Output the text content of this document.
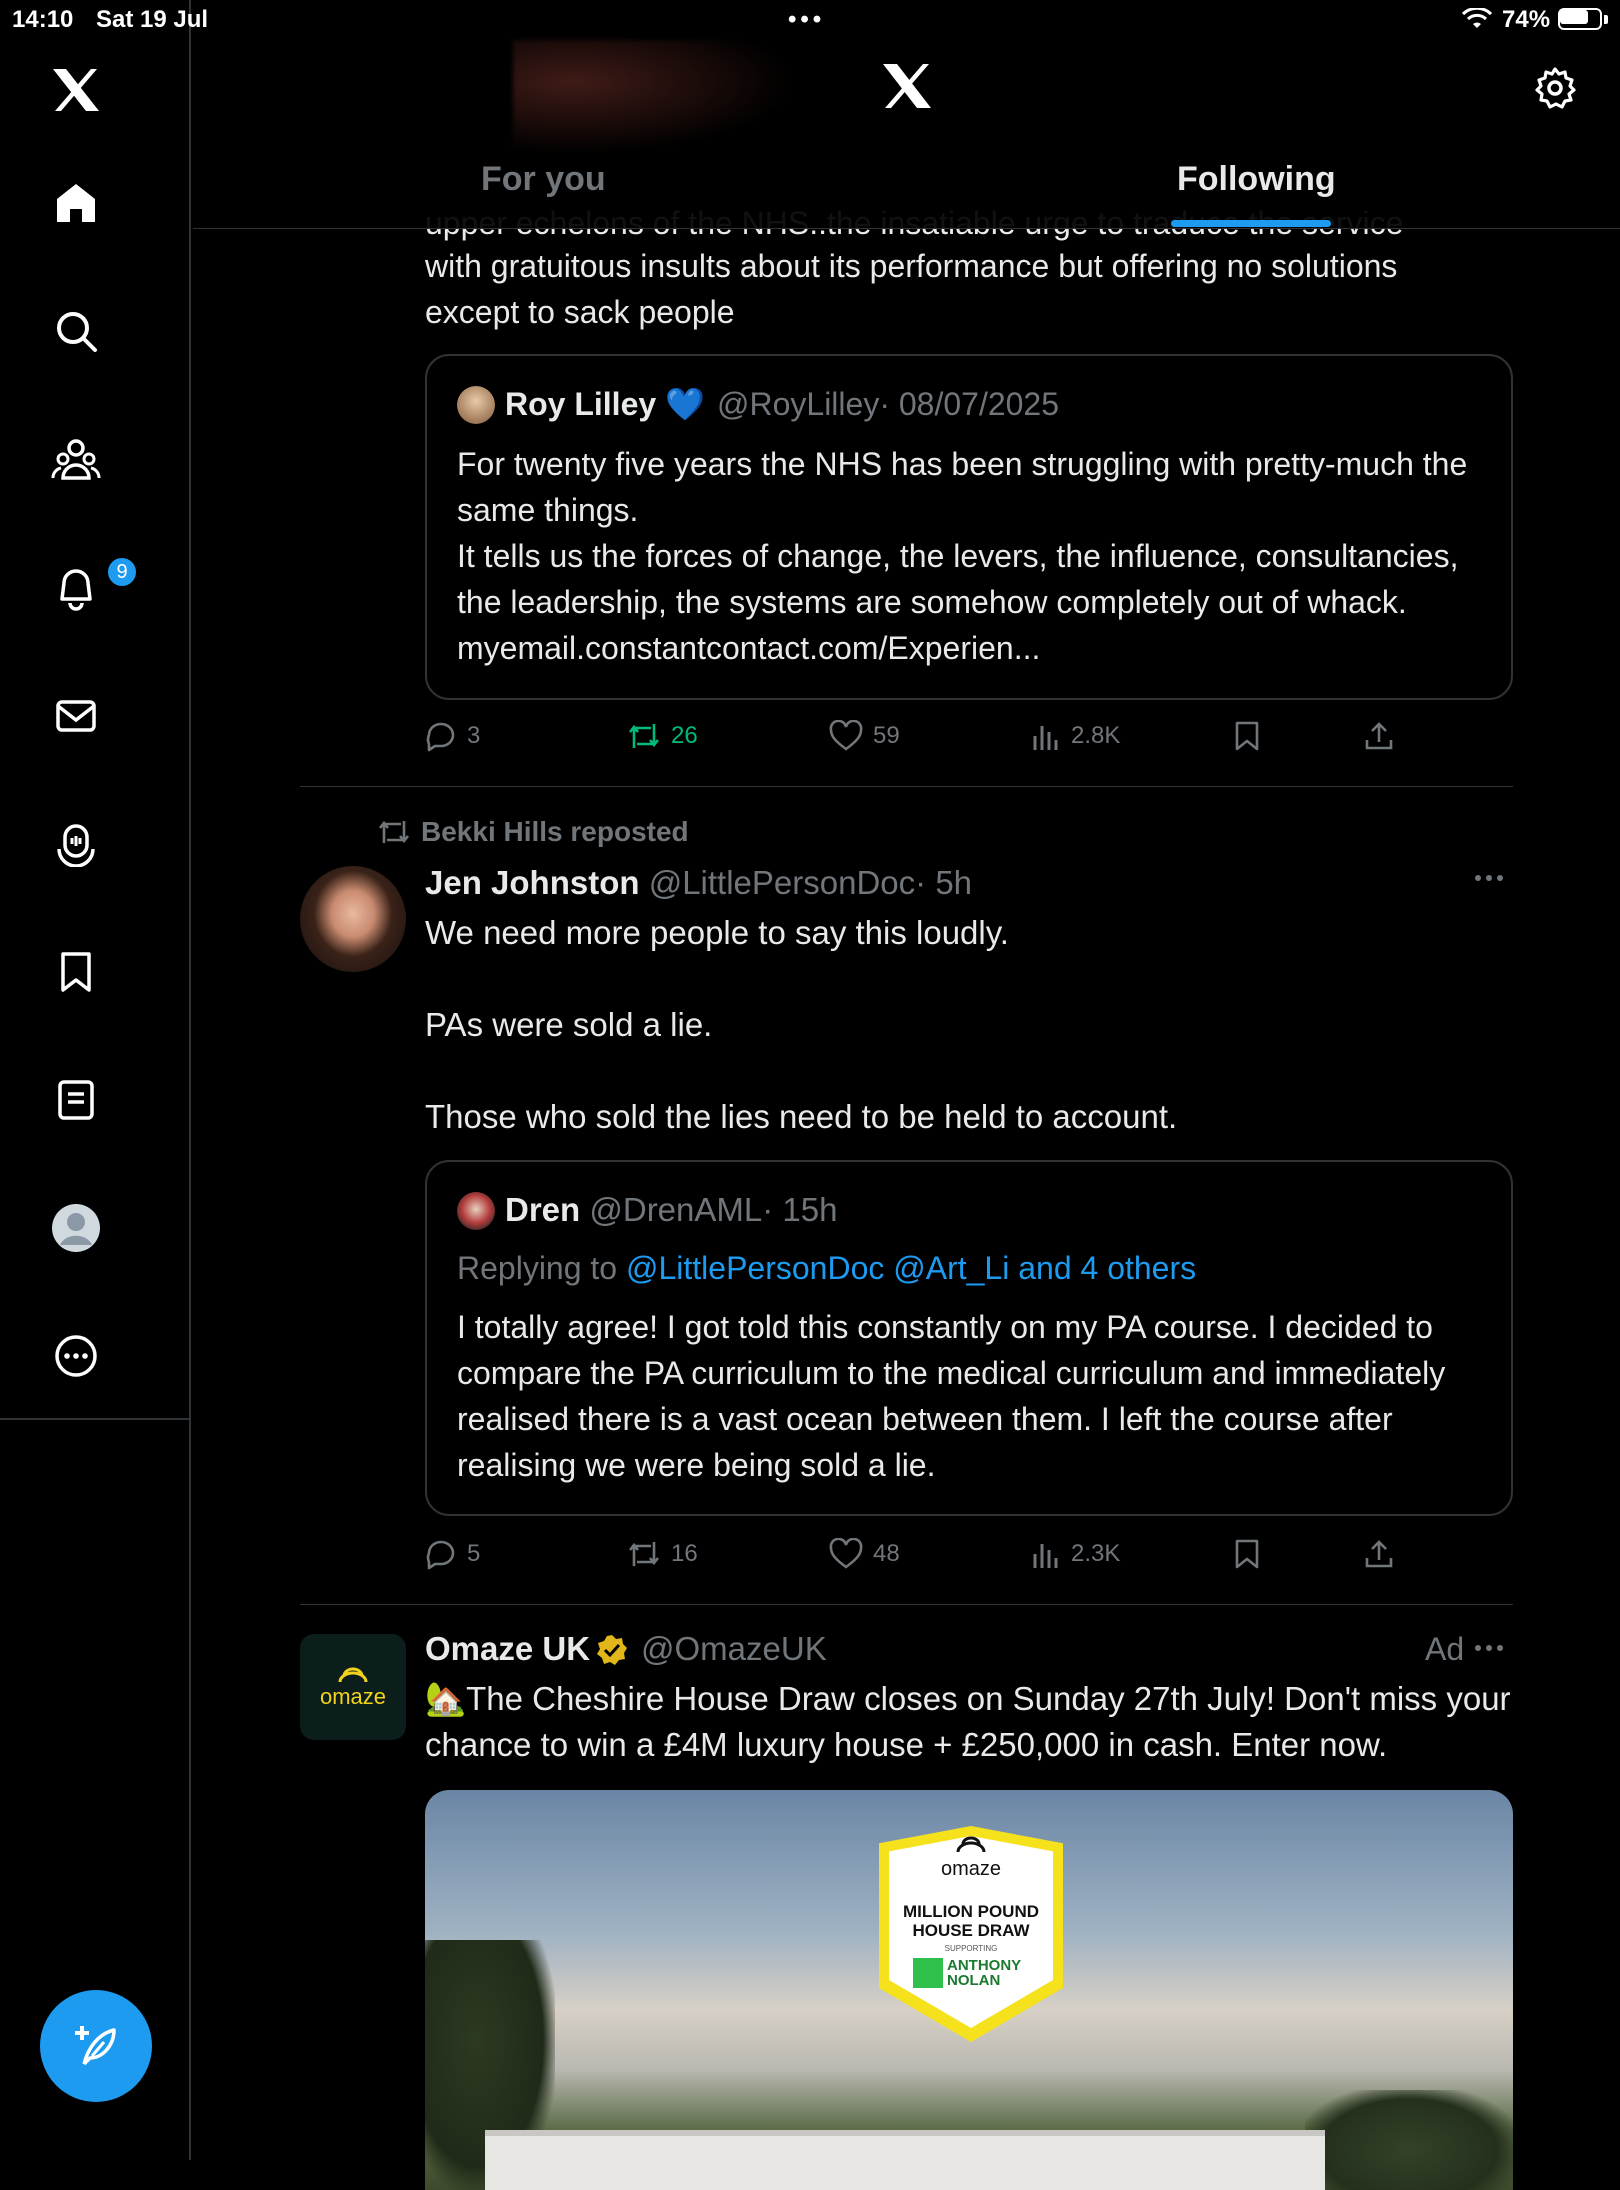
14:10 Sat 19 Jul	•••	74%
9
For you	Following
with gratuitous insults about its performance but offering no solutions
except to sack people
Roy Lilley 💙 @RoyLilley· 08/07/2025
For twenty five years the NHS has been struggling with pretty-much the same things.
It tells us the forces of change, the levers, the influence, consultancies, the leadership, the systems are somehow completely out of whack. myemail.constantcontact.com/Experien...
3	26	59	2.8K
Bekki Hills reposted
Jen Johnston @LittlePersonDoc· 5h
We need more people to say this loudly.

PAs were sold a lie.

Those who sold the lies need to be held to account.
Dren @DrenAML· 15h
Replying to @LittlePersonDoc @Art_Li and 4 others
I totally agree! I got told this constantly on my PA course. I decided to compare the PA curriculum to the medical curriculum and immediately realised there is a vast ocean between them. I left the course after realising we were being sold a lie.
5	16	48	2.3K
omaze
Omaze UK @OmazeUK	Ad
🏡The Cheshire House Draw closes on Sunday 27th July! Don't miss your chance to win a £4M luxury house + £250,000 in cash. Enter now.
omaze
MILLION POUND
HOUSE DRAW
SUPPORTING
ANTHONY
NOLAN
